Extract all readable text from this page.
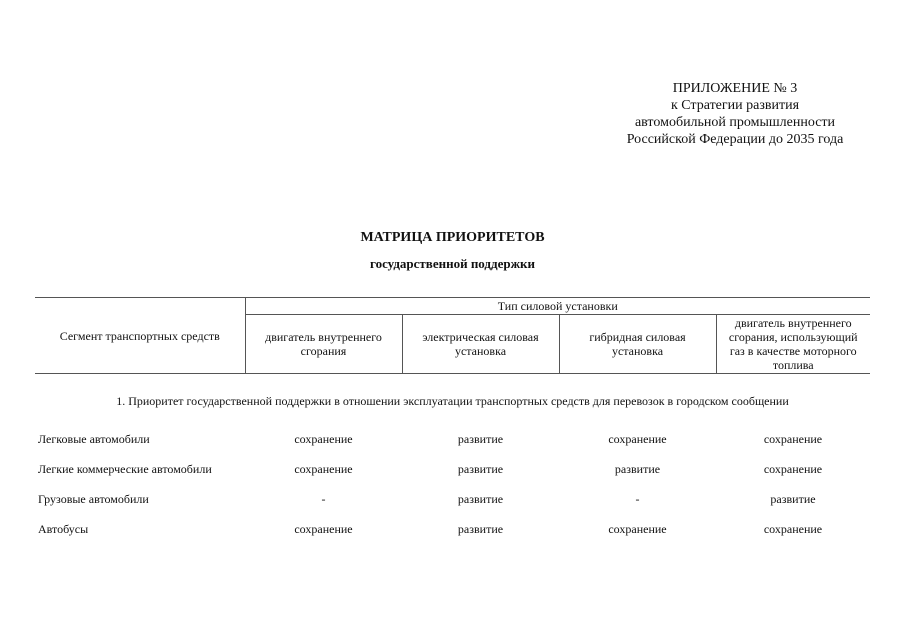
ПРИЛОЖЕНИЕ № 3
к Стратегии развития
автомобильной промышленности
Российской Федерации до 2035 года
МАТРИЦА ПРИОРИТЕТОВ
государственной поддержки
Сегмент транспортных средств	Тип силовой установки			
	двигатель внутреннего сгорания	электрическая силовая установка	гибридная силовая установка	двигатель внутреннего сгорания, использующий газ в качестве моторного топлива
1. Приоритет государственной поддержки в отношении эксплуатации транспортных средств для перевозок в городском сообщении				
Легковые автомобили	сохранение	развитие	сохранение	сохранение
Легкие коммерческие автомобили	сохранение	развитие	развитие	сохранение
Грузовые автомобили	-	развитие	-	развитие
Автобусы	сохранение	развитие	сохранение	сохранение
